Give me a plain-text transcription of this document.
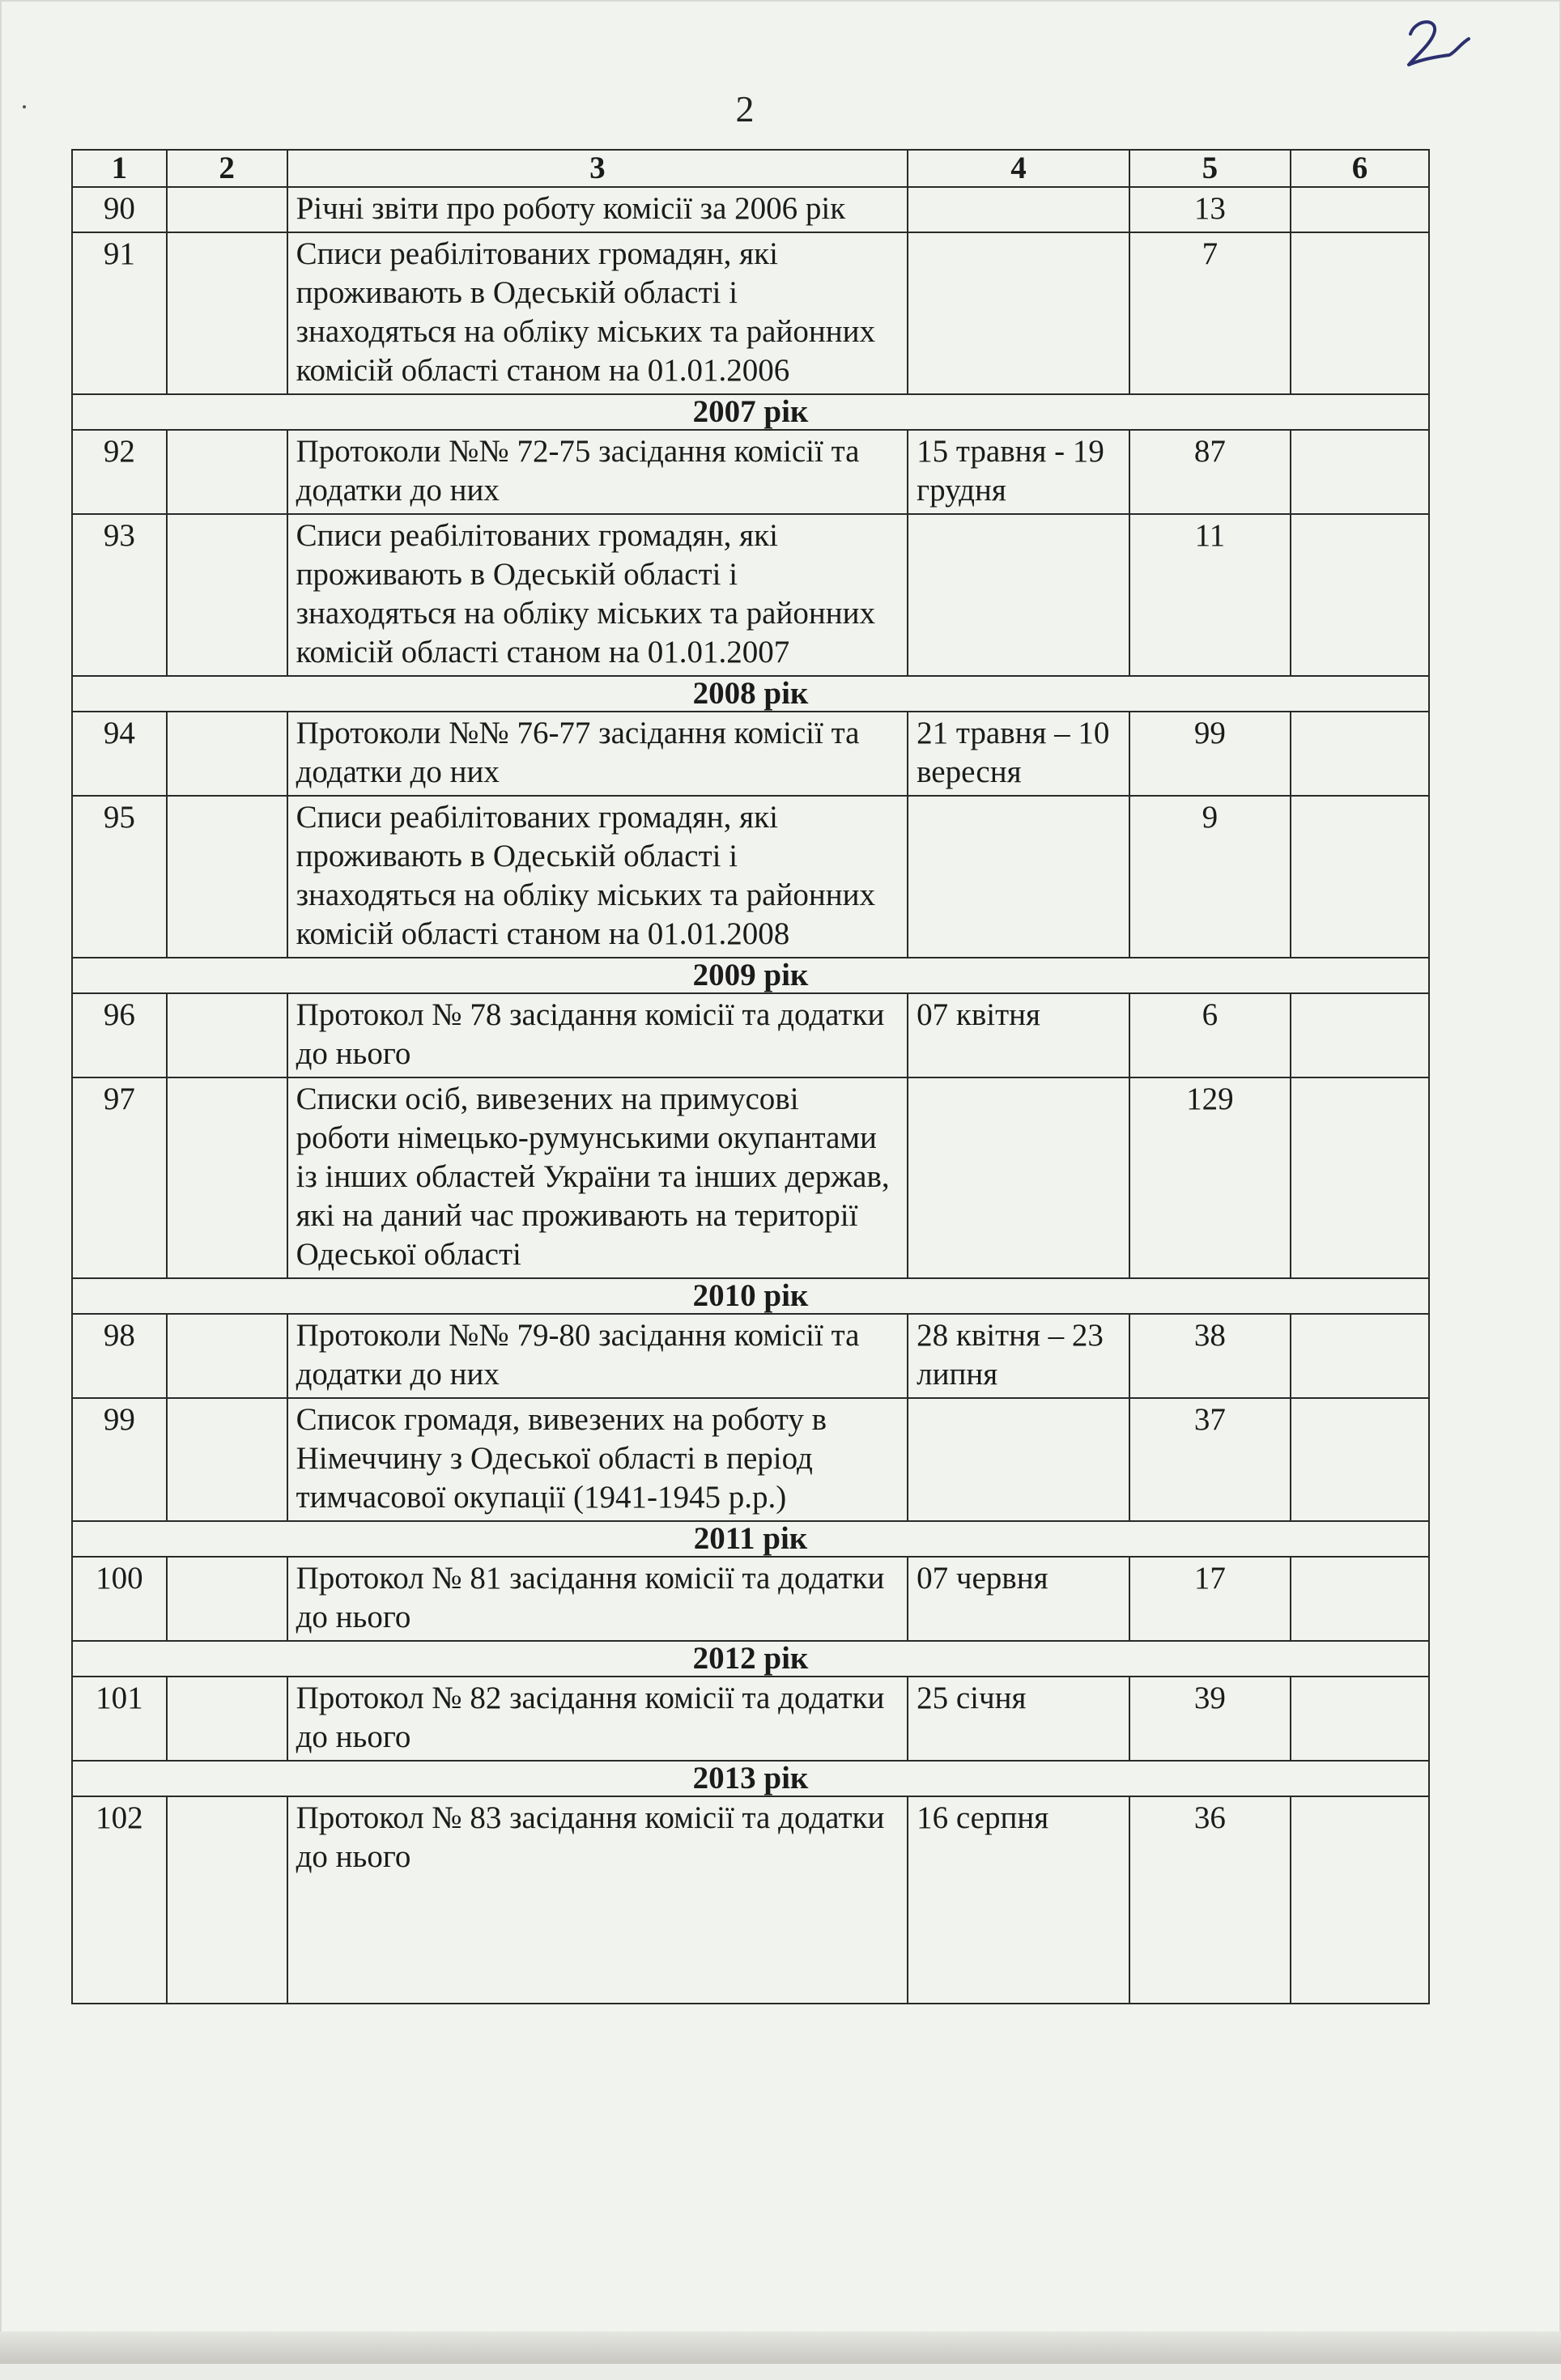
2
1	2	3	4	5	6
90		Річні звіти про роботу комісії за 2006 рік		13	
91		Списи реабілітованих громадян, які проживають в Одеській області і знаходяться на обліку міських та районних комісій області станом на 01.01.2006		7	
2007 рік					
92		Протоколи №№ 72-75 засідання комісії та додатки до них	15 травня - 19 грудня	87	
93		Списи реабілітованих громадян, які проживають в Одеській області і знаходяться на обліку міських та районних комісій області станом на 01.01.2007		11	
2008 рік					
94		Протоколи №№ 76-77 засідання комісії та додатки до них	21 травня – 10 вересня	99	
95		Списи реабілітованих громадян, які проживають в Одеській області і знаходяться на обліку міських та районних комісій області станом на 01.01.2008		9	
2009 рік					
96		Протокол № 78 засідання комісії та додатки до нього	07 квітня	6	
97		Списки осіб, вивезених на примусові роботи німецько-румунськими окупантами із інших областей України та інших держав, які на даний час проживають на території Одеської області		129	
2010 рік					
98		Протоколи №№ 79-80 засідання комісії та додатки до них	28 квітня – 23 липня	38	
99		Список громадя, вивезених на роботу в Німеччину з Одеської області в період тимчасової окупації (1941-1945 р.р.)		37	
2011 рік					
100		Протокол № 81 засідання комісії та додатки до нього	07 червня	17	
2012 рік					
101		Протокол № 82 засідання комісії та додатки до нього	25 січня	39	
2013 рік					
102		Протокол № 83 засідання комісії та додатки до нього	16 серпня	36	
